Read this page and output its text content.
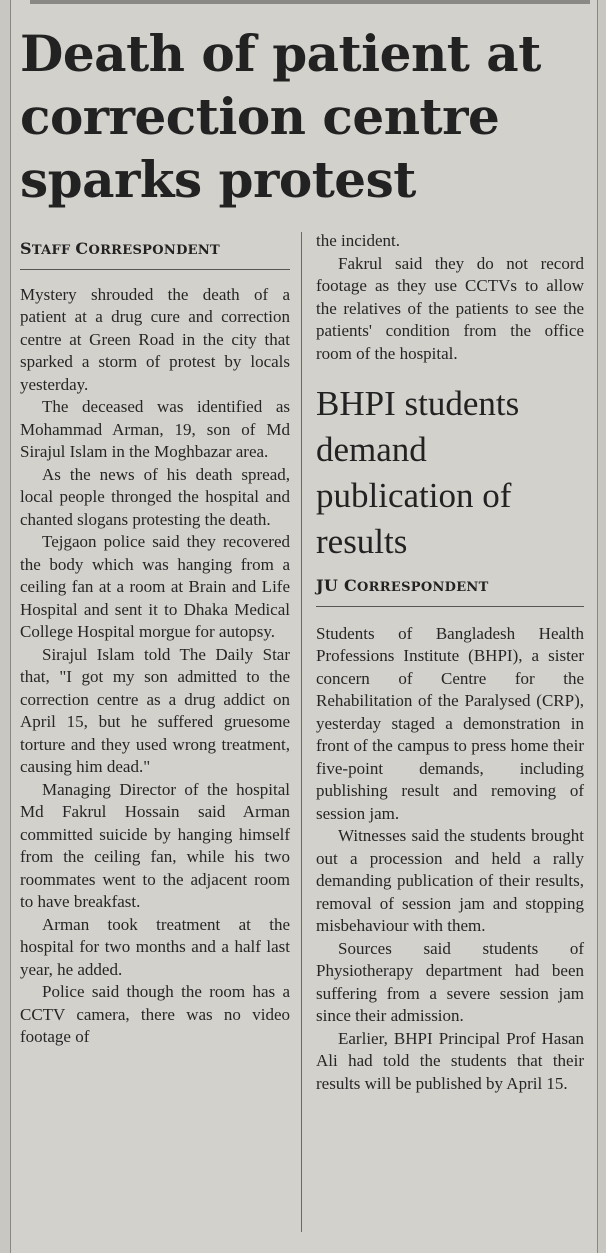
Death of patient at
correction centre
sparks protest
STAFF CORRESPONDENT

Mystery shrouded the death of a patient at a drug cure and correction centre at Green Road in the city that sparked a storm of protest by locals yesterday.

The deceased was identified as Mohammad Arman, 19, son of Md Sirajul Islam in the Moghbazar area.

As the news of his death spread, local people thronged the hospital and chanted slogans protesting the death.

Tejgaon police said they recovered the body which was hanging from a ceiling fan at a room at Brain and Life Hospital and sent it to Dhaka Medical College Hospital morgue for autopsy.

Sirajul Islam told The Daily Star that, "I got my son admitted to the correction centre as a drug addict on April 15, but he suffered gruesome torture and they used wrong treatment, causing him dead."

Managing Director of the hospital Md Fakrul Hossain said Arman committed suicide by hanging himself from the ceiling fan, while his two roommates went to the adjacent room to have breakfast.

Arman took treatment at the hospital for two months and a half last year, he added.

Police said though the room has a CCTV camera, there was no video footage of

the incident.

Fakrul said they do not record footage as they use CCTVs to allow the relatives of the patients to see the patients' condition from the office room of the hospital.

BHPI students demand publication of results
JU CORRESPONDENT

Students of Bangladesh Health Professions Institute (BHPI), a sister concern of Centre for the Rehabilitation of the Paralysed (CRP), yesterday staged a demonstration in front of the campus to press home their five-point demands, including publishing result and removing of session jam.

Witnesses said the students brought out a procession and held a rally demanding publication of their results, removal of session jam and stopping misbehaviour with them.

Sources said students of Physiotherapy department had been suffering from a severe session jam since their admission.

Earlier, BHPI Principal Prof Hasan Ali had told the students that their results will be published by April 15.
